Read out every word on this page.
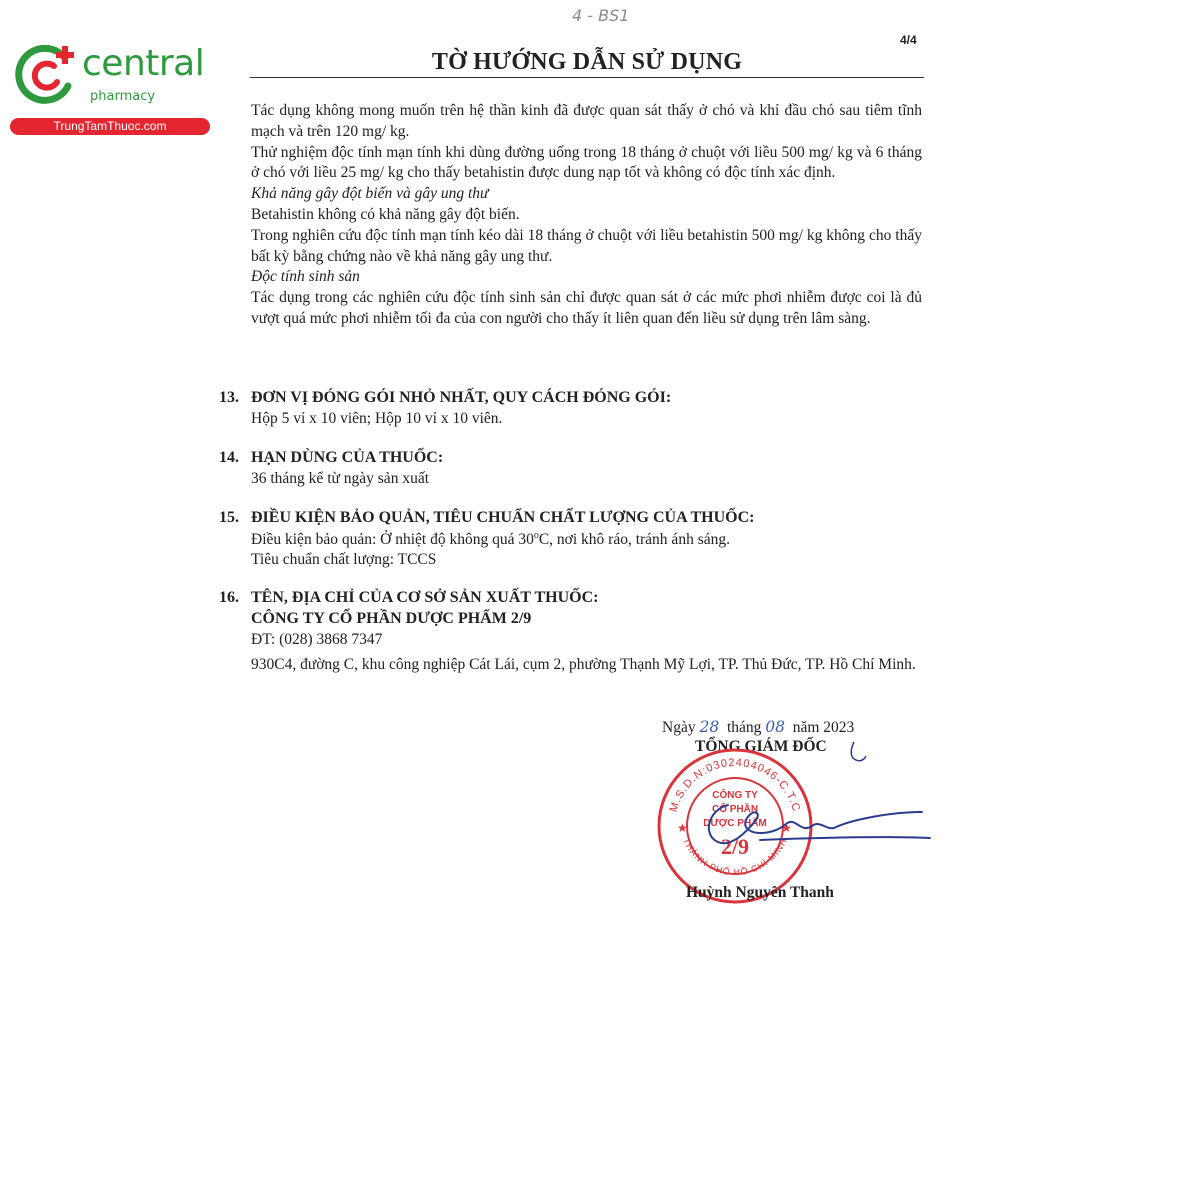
central
pharmacy
TrungTamThuoc.com
4 - BS1
4/4
TỜ HƯỚNG DẪN SỬ DỤNG

Tác dụng không mong muốn trên hệ thần kinh đã được quan sát thấy ở chó và khỉ đầu chó sau tiêm tĩnh mạch và trên 120 mg/ kg.

Thử nghiệm độc tính mạn tính khi dùng đường uống trong 18 tháng ở chuột với liều 500 mg/ kg và 6 tháng ở chó với liều 25 mg/ kg cho thấy betahistin được dung nạp tốt và không có độc tính xác định.

Khả năng gây đột biến và gây ung thư

Betahistin không có khả năng gây đột biến.

Trong nghiên cứu độc tính mạn tính kéo dài 18 tháng ở chuột với liều betahistin 500 mg/ kg không cho thấy bất kỳ bằng chứng nào về khả năng gây ung thư.

Độc tính sinh sản

Tác dụng trong các nghiên cứu độc tính sinh sản chỉ được quan sát ở các mức phơi nhiễm được coi là đủ vượt quá mức phơi nhiễm tối đa của con người cho thấy ít liên quan đến liều sử dụng trên lâm sàng.

13. ĐƠN VỊ ĐÓNG GÓI NHỎ NHẤT, QUY CÁCH ĐÓNG GÓI:
Hộp 5 vỉ x 10 viên; Hộp 10 vỉ x 10 viên.
14. HẠN DÙNG CỦA THUỐC:
36 tháng kể từ ngày sản xuất
15. ĐIỀU KIỆN BẢO QUẢN, TIÊU CHUẨN CHẤT LƯỢNG CỦA THUỐC:
Điều kiện bảo quản: Ở nhiệt độ không quá 30$^o$C, nơi khô ráo, tránh ánh sáng.
Tiêu chuẩn chất lượng: TCCS
16. TÊN, ĐỊA CHỈ CỦA CƠ SỞ SẢN XUẤT THUỐC:
CÔNG TY CỔ PHẦN DƯỢC PHẨM 2/9
ĐT: (028) 3868 7347
930C4, đường C, khu công nghiệp Cát Lái, cụm 2, phường Thạnh Mỹ Lợi, TP. Thủ Đức, TP. Hồ Chí Minh.
Ngày 28 tháng 08 năm 2023
TỔNG GIÁM ĐỐC
M.S.D.N:0302404046-C.T.C
THÀNH PHỐ HỒ CHÍ MINH
CÔNG TY
CỔ PHẦN
DƯỢC PHẨM
2/9
★	★
Huỳnh Nguyên Thanh
